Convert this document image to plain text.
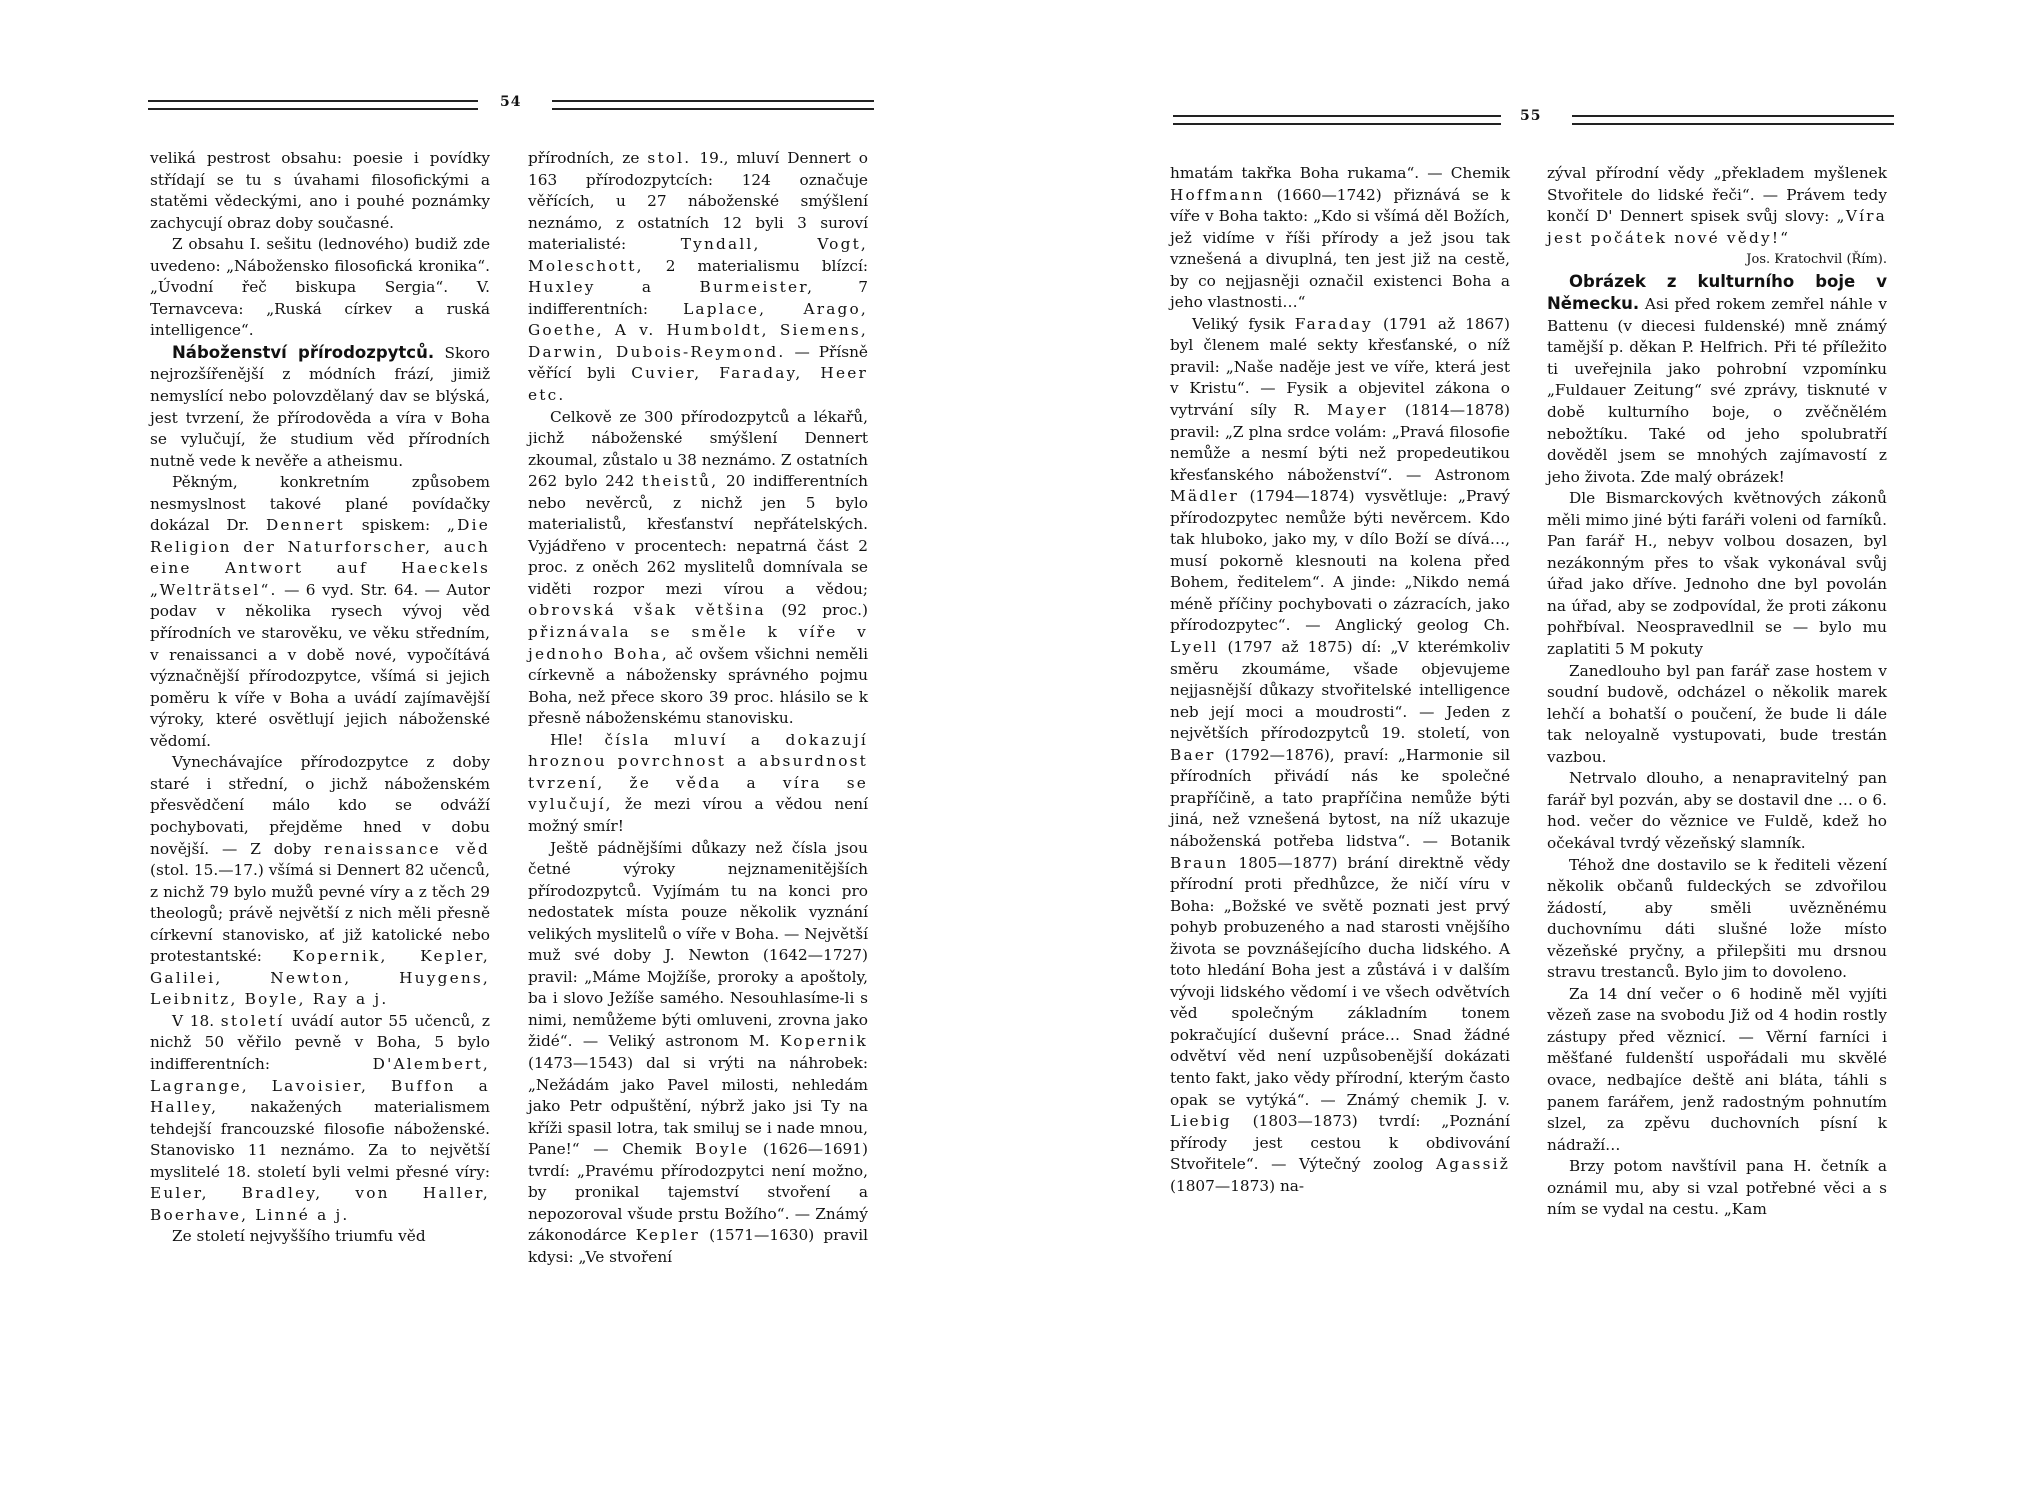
54

veliká pestrost obsahu: poesie i povídky střídají se tu s úvahami filosofickými a statěmi vědeckými, ano i pouhé poznámky zachycují obraz doby současné.

Z obsahu I. sešitu (lednového) budiž zde uvedeno: „Nábožensko filosofická kronika“. „Úvodní řeč biskupa Sergia“. V. Ternavceva: „Ruská církev a ruská intelligence“.

Náboženství přírodozpytců. Skoro nejrozšířenější z módních frází, jimiž nemyslící nebo polovzdělaný dav se blýská, jest tvrzení, že přírodověda a víra v Boha se vylučují, že studium věd přírodních nutně vede k nevěře a atheismu.

Pěkným, konkretním způsobem nesmyslnost takové plané povídačky dokázal Dr. Dennert spiskem: „Die Religion der Naturforscher, auch eine Antwort auf Haeckels „Welträtsel“. — 6 vyd. Str. 64. — Autor podav v několika rysech vývoj věd přírodních ve starověku, ve věku středním, v renaissanci a v době nové, vypočítává význačnější přírodozpytce, všímá si jejich poměru k víře v Boha a uvádí zajímavější výroky, které osvětlují jejich náboženské vědomí.

Vynechávajíce přírodozpytce z doby staré i střední, o jichž náboženském přesvědčení málo kdo se odváží pochybovati, přejděme hned v dobu novější. — Z doby renaissance věd (stol. 15.—17.) všímá si Dennert 82 učenců, z nichž 79 bylo mužů pevné víry a z těch 29 theologů; právě největší z nich měli přesně církevní stanovisko, ať již katolické nebo protestantské: Kopernik, Kepler, Galilei, Newton, Huygens, Leibnitz, Boyle, Ray a j.

V 18. století uvádí autor 55 učenců, z nichž 50 věřilo pevně v Boha, 5 bylo indifferentních:	D'Alembert, Lagrange, Lavoisier, Buffon a Halley, nakažených materialismem tehdejší francouzské filosofie náboženské. Stanovisko 11 neznámo. Za to největší myslitelé 18. století byli velmi přesné víry: Euler, Bradley, von Haller, Boerhave, Linné a j.

Ze století nejvyššího triumfu věd

přírodních, ze stol. 19., mluví Dennert o 163 přírodozpytcích: 124 označuje věřících, u 27 náboženské smýšlení neznámo, z ostatních 12 byli 3 suroví materialisté:	Tyndall, Vogt, Moleschott, 2 materialismu blízcí: Huxley a Burmeister,	7 indifferentních: Laplace, Arago, Goethe, A v. Humboldt, Siemens, Darwin, Dubois-Reymond. — Přísně věřící byli Cuvier, Faraday, Heer etc.

Celkově ze 300 přírodozpytců a lékařů, jichž náboženské smýšlení Dennert zkoumal, zůstalo u 38 neznámo. Z ostatních 262 bylo 242 theistů, 20 indifferentních nebo nevěrců, z nichž jen 5 bylo materialistů, křesťanství nepřátelských. Vyjádřeno v procentech: nepatrná část 2 proc. z oněch 262 myslitelů domnívala se viděti rozpor mezi vírou a vědou; obrovská však většina (92 proc.) přiznávala se směle k víře v jednoho Boha, ač ovšem všichni neměli církevně a nábožensky správného pojmu Boha, než přece skoro 39 proc. hlásilo se k přesně náboženskému stanovisku.

Hle! čísla mluví a dokazují hroznou povrchnost a absurdnost tvrzení, že věda a víra se vylučují, že mezi vírou a vědou není možný smír!

Ještě pádnějšími důkazy než čísla jsou četné výroky nejznamenitějších přírodozpytců. Vyjímám tu na konci pro nedostatek místa pouze několik vyznání velikých myslitelů o víře v Boha. — Největší muž své doby J. Newton (1642—1727) pravil: „Máme Mojžíše, proroky a apoštoly, ba i slovo Ježíše samého. Nesouhlasíme-li s nimi, nemůžeme býti omluveni, zrovna jako židé“. — Veliký astronom M. Kopernik (1473—1543) dal si vrýti na náhrobek: „Nežádám jako Pavel milosti, nehledám jako Petr odpuštění, nýbrž jako jsi Ty na kříži spasil lotra, tak smiluj se i nade mnou, Pane!“ — Chemik Boyle (1626—1691) tvrdí: „Pravému přírodozpytci není možno, by pronikal tajemství stvoření a nepozoroval všude prstu Božího“. — Známý zákonodárce Kepler (1571—1630) pravil kdysi: „Ve stvoření

55

hmatám takřka Boha rukama“. — Chemik Hoffmann (1660—1742) přiznává se k víře v Boha takto: „Kdo si všímá děl Božích, jež vidíme v říši přírody a jež jsou tak vznešená a divuplná, ten jest již na cestě, by co nejjasněji označil existenci Boha a jeho vlastnosti…“

Veliký fysik Faraday (1791 až 1867) byl členem malé sekty křesťanské, o níž pravil: „Naše naděje jest ve víře, která jest v Kristu“. — Fysik a objevitel zákona o vytrvání síly R. Mayer (1814—1878) pravil: „Z plna srdce volám: „Pravá filosofie nemůže a nesmí býti než propedeutikou křesťanského náboženství“. — Astronom Mädler (1794—1874) vysvětluje: „Pravý přírodozpytec nemůže býti nevěrcem. Kdo tak hluboko, jako my, v dílo Boží se dívá…, musí pokorně klesnouti na kolena před Bohem, ředitelem“. A jinde: „Nikdo nemá méně příčiny pochybovati o zázracích, jako přírodozpytec“. — Anglický geolog Ch. Lyell (1797 až 1875) dí: „V kterémkoliv směru zkoumáme, všade objevujeme nejjasnější důkazy stvořitelské intelligence neb její moci a moudrosti“. — Jeden z největších přírodozpytců 19. století, von Baer (1792—1876), praví: „Harmonie sil přírodních přivádí nás ke společné prapříčině, a tato prapříčina nemůže býti jiná, než vznešená bytost, na níž ukazuje náboženská potřeba lidstva“. — Botanik Braun 1805—1877) brání direktně vědy přírodní proti předhůzce, že ničí víru v Boha: „Božské ve světě poznati jest prvý pohyb probuzeného a nad starosti vnějšího života se povznášejícího ducha lidského. A toto hledání Boha jest a zůstává i v dalším vývoji lidského vědomí i ve všech odvětvích věd společným základním tonem pokračující duševní práce… Snad žádné odvětví věd není uzpůsobenější dokázati tento fakt, jako vědy přírodní, kterým často opak se vytýká“. — Známý chemik J. v. Liebig (1803—1873) tvrdí: „Poznání přírody jest cestou k obdivování Stvořitele“. — Výtečný zoolog Agassiž (1807—1873) na-

zýval přírodní vědy „překladem myšlenek Stvořitele do lidské řeči“. — Právem tedy končí D' Dennert spisek svůj slovy: „Víra jest počátek nové vědy!“

Jos. Kratochvil (Řím).

Obrázek z kulturního boje v Německu. Asi před rokem zemřel náhle v Battenu (v diecesi fuldenské) mně známý tamější p. děkan P. Helfrich. Při té příležito ti uveřejnila jako pohrobní vzpomínku „Fuldauer Zeitung“ své zprávy, tisknuté v době kulturního boje, o zvěčnělém nebožtíku. Také od jeho spolubratří dověděl jsem se mnohých zajímavostí z jeho života. Zde malý obrázek!

Dle Bismarckových květnových zákonů měli mimo jiné býti faráři voleni od farníků. Pan farář H., nebyv volbou dosazen, byl nezákonným přes to však vykonával svůj úřad jako dříve. Jednoho dne byl povolán na úřad, aby se zodpovídal, že proti zákonu pohřbíval. Neospravedlnil se — bylo mu zaplatiti 5 M pokuty

Zanedlouho byl pan farář zase hostem v soudní budově, odcházel o několik marek lehčí a bohatší o poučení, že bude li dále tak neloyalně vystupovati, bude trestán vazbou.

Netrvalo dlouho, a nenapravitelný pan farář byl pozván, aby se dostavil dne … o 6. hod. večer do věznice ve Fuldě, kdež ho očekával tvrdý vězeňský slamník.

Téhož dne dostavilo se k řediteli vězení několik občanů fuldeckých se zdvořilou žádostí, aby směli uvězněnému duchovnímu dáti slušné lože místo vězeňské pryčny, a přilepšiti mu drsnou stravu trestanců. Bylo jim to dovoleno.

Za 14 dní večer o 6 hodině měl vyjíti vězeň zase na svobodu Již od 4 hodin rostly zástupy před věznicí. — Věrní farníci i měšťané fuldenští uspořádali mu skvělé ovace, nedbajíce deště ani bláta, táhli s panem farářem, jenž radostným pohnutím slzel, za zpěvu duchovních písní k nádraží…

Brzy potom navštívil pana H. četník a oznámil mu, aby si vzal potřebné věci a s ním se vydal na cestu. „Kam
